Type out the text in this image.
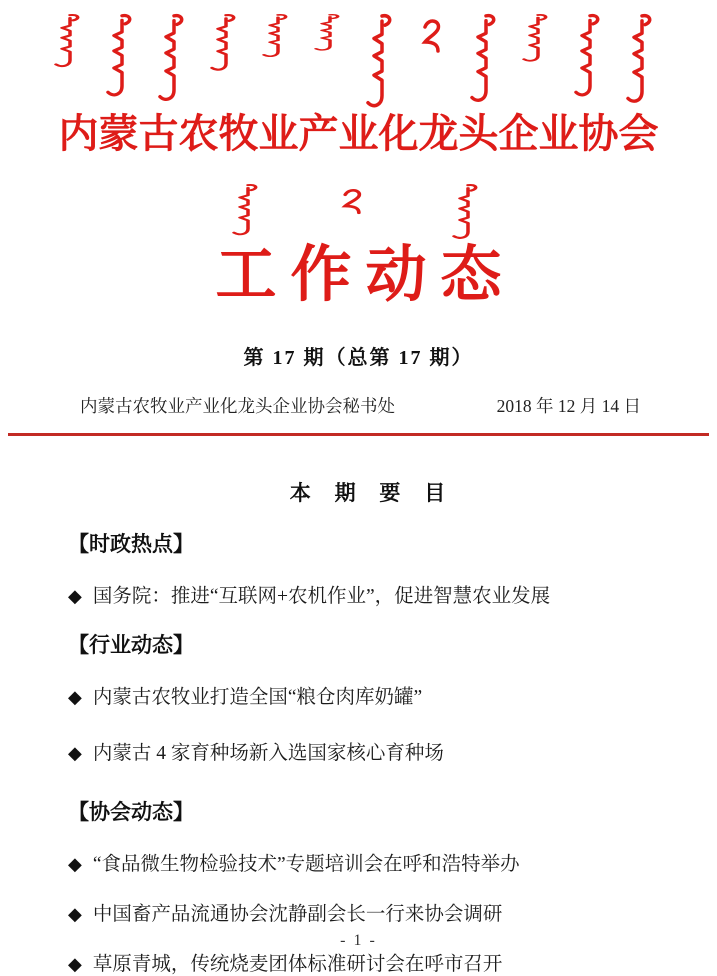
内蒙古农牧业产业化龙头企业协会
工作动态
第 17 期（总第 17 期）
内蒙古农牧业产业化龙头企业协会秘书处	2018 年 12 月 14 日
本 期 要 目
【时政热点】
◆ 国务院：推进“互联网+农机作业”，促进智慧农业发展
【行业动态】
◆ 内蒙古农牧业打造全国“粮仓肉库奶罐”
◆ 内蒙古 4 家育种场新入选国家核心育种场
【协会动态】
◆ “食品微生物检验技术”专题培训会在呼和浩特举办
◆ 中国畜产品流通协会沈静副会长一行来协会调研
◆ 草原青城，传统烧麦团体标准研讨会在呼市召开
- 1 -
